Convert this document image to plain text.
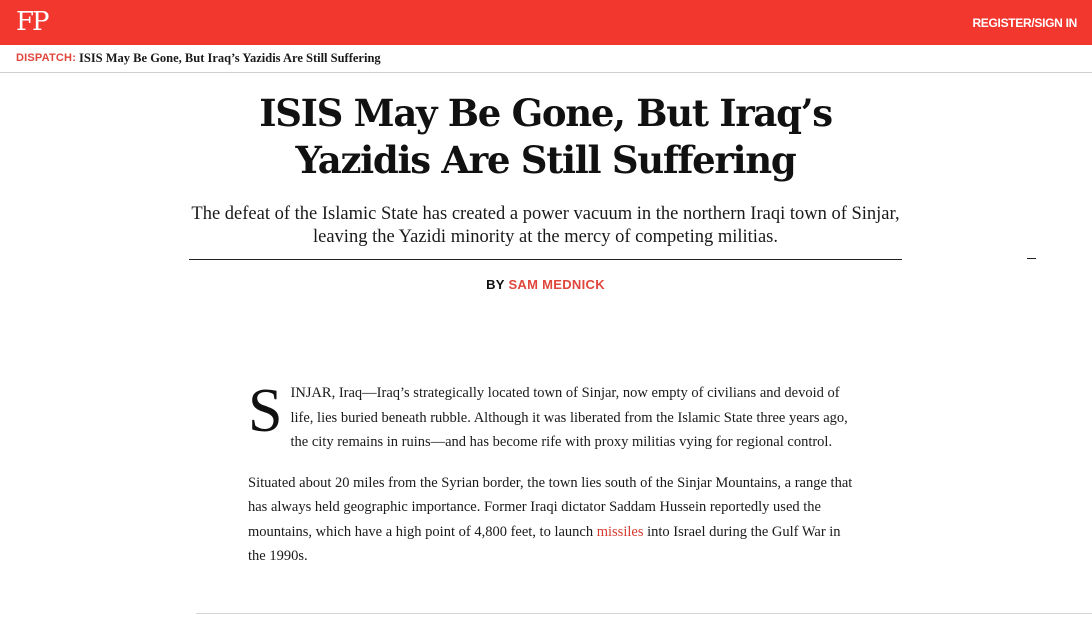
FP	REGISTER/SIGN IN
DISPATCH: ISIS May Be Gone, But Iraq’s Yazidis Are Still Suffering
ISIS May Be Gone, But Iraq’s Yazidis Are Still Suffering

The defeat of the Islamic State has created a power vacuum in the northern Iraqi town of Sinjar, leaving the Yazidi minority at the mercy of competing militias.

BY SAM MEDNICK

SINJAR, Iraq—Iraq’s strategically located town of Sinjar, now empty of civilians and devoid of life, lies buried beneath rubble. Although it was liberated from the Islamic State three years ago, the city remains in ruins—and has become rife with proxy militias vying for regional control.

Situated about 20 miles from the Syrian border, the town lies south of the Sinjar Mountains, a range that has always held geographic importance. Former Iraqi dictator Saddam Hussein reportedly used the mountains, which have a high point of 4,800 feet, to launch missiles into Israel during the Gulf War in the 1990s.
